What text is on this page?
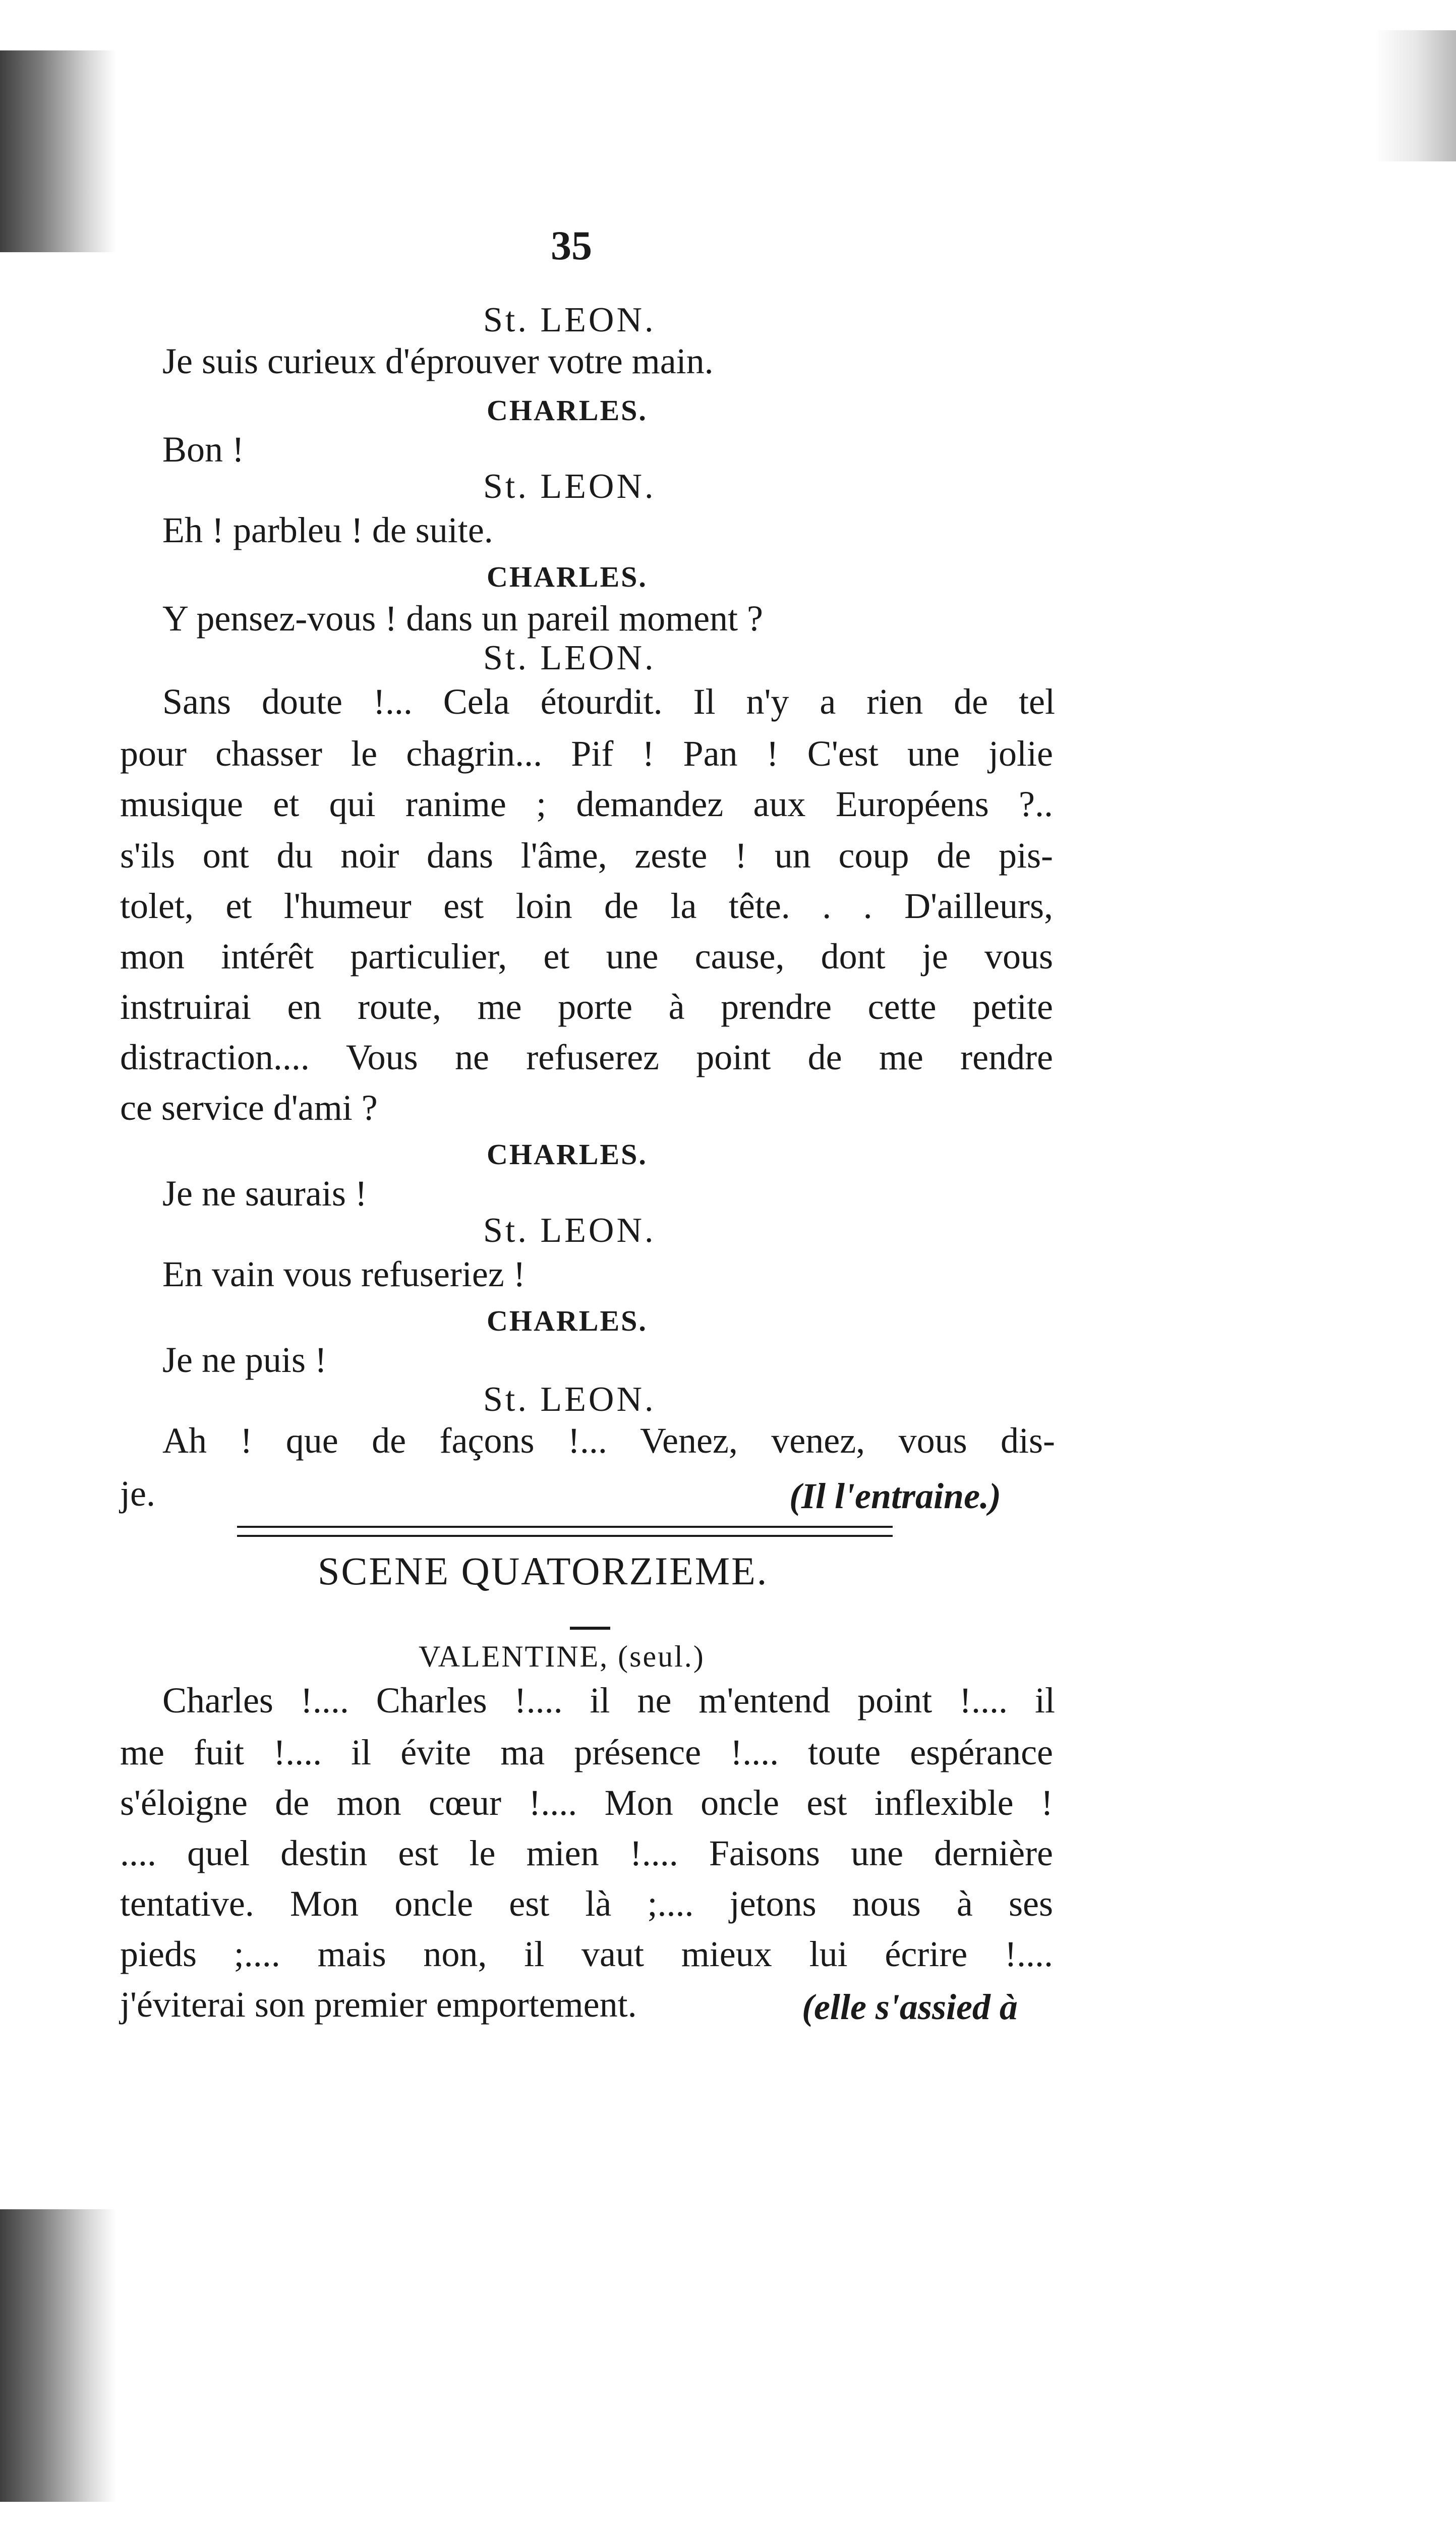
35
St. LEON.
Je suis curieux d'éprouver votre main.
CHARLES.
Bon !
St. LEON.
Eh ! parbleu ! de suite.
CHARLES.
Y pensez-vous ! dans un pareil moment ?
St. LEON.
Sans doute !... Cela étourdit. Il n'y a rien de tel
pour chasser le chagrin... Pif ! Pan ! C'est une jolie
musique et qui ranime ; demandez aux Européens ?..
s'ils ont du noir dans l'âme, zeste ! un coup de pis-
tolet, et l'humeur est loin de la tête. . . D'ailleurs,
mon intérêt particulier, et une cause, dont je vous
instruirai en route, me porte à prendre cette petite
distraction.... Vous ne refuserez point de me rendre
ce service d'ami ?
CHARLES.
Je ne saurais !
St. LEON.
En vain vous refuseriez !
CHARLES.
Je ne puis !
St. LEON.
Ah ! que de façons !... Venez, venez, vous dis-
je.	(Il l'entraine.)
SCENE QUATORZIEME.
VALENTINE, (seul.)
Charles !.... Charles !.... il ne m'entend point !.... il
me fuit !.... il évite ma présence !.... toute espérance
s'éloigne de mon cœur !.... Mon oncle est inflexible !
.... quel destin est le mien !.... Faisons une dernière
tentative. Mon oncle est là ;.... jetons nous à ses
pieds ;.... mais non, il vaut mieux lui écrire !....
j'éviterai son premier emportement.	(elle s'assied à
